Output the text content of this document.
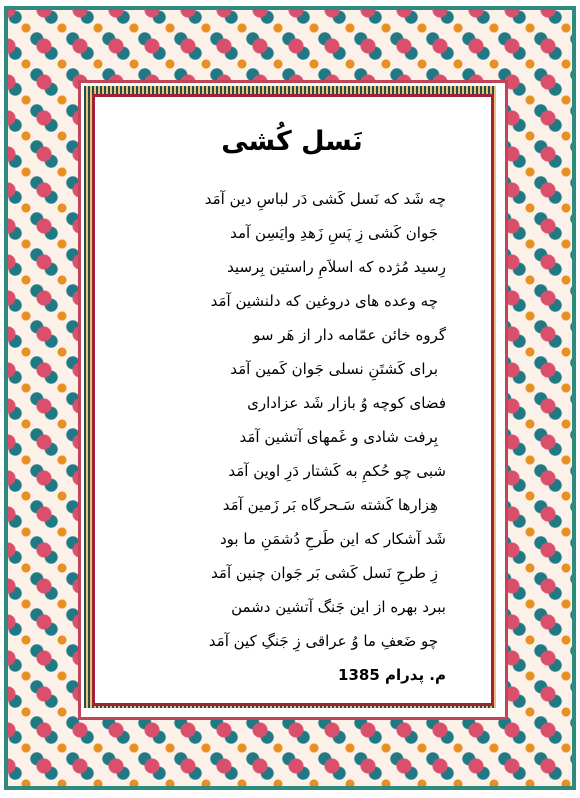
نَسل کُشی
چه شَد که نَسل کَشی دَر لباسِ دین آمَد
جَوان کَشی زِ پَسِ زَهدِ وایَسِن آمد
رِسید مُژده که اسلاَمِ راستین بِرسید
چه وعده های دروغین که دلنشین آمَد
گروه خائن عمّامه دار از هَر سو
برای کَشتَنِ نسلی جَوان کَمین آمَد
فضای کوچه وُ بازار شَد عزاداری
بِرفت شادی و غَمهای آتشین آمَد
شبی چو حُکمِ به کَشتار دَرِ اوین آمَد
هِزارها کَشته سَـحرگاه بَر زَمین آمَد
شَد آشکار که این طَرحِ دُشمَنِ ما بود
زِ طرحِ نَسل کَشی بَر جَوان چنین آمَد
ببرد بهره از این جَنگ آتشین دشمن
چو ضَعفِ ما وُ عراقی زِ جَنگِ کین آمَد
م. پدرام 1385
